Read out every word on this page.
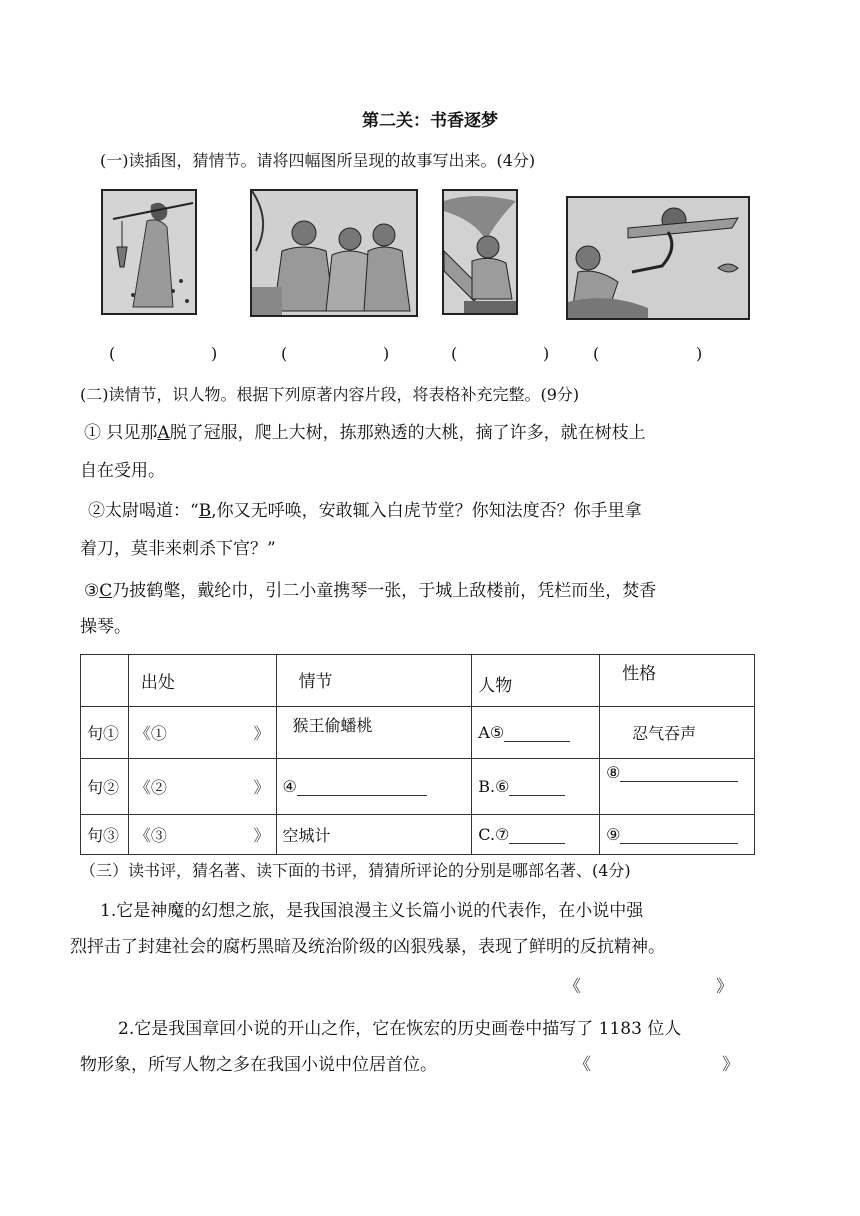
第二关：书香逐梦
(一)读插图，猜情节。请将四幅图所呈现的故事写出来。(4分)
(	)	(	)	(	)	(	)
(二)读情节，识人物。根据下列原著内容片段，将表格补充完整。(9分)
① 只见那A脱了冠服，爬上大树，拣那熟透的大桃，摘了许多，就在树枝上
自在受用。
②太尉喝道：“B,你又无呼唤，安敢辄入白虎节堂？你知法度否？你手里拿
着刀，莫非来刺杀下官？”
③C乃披鹤氅，戴纶巾，引二小童携琴一张，于城上敌楼前，凭栏而坐，焚香
操琴。
	出处	情节	人物	性格
句①	《① 》	猴王偷蟠桃	A⑤	忍气吞声
句②	《② 》	④	B.⑥	⑧
句③	《③ 》	空城计	C.⑦	⑨
（三）读书评，猜名著、读下面的书评，猜猜所评论的分别是哪部名著、(4分)
1.它是神魔的幻想之旅，是我国浪漫主义长篇小说的代表作，在小说中强
烈抨击了封建社会的腐朽黑暗及统治阶级的凶狠残暴，表现了鲜明的反抗精神。
《	》
2.它是我国章回小说的开山之作，它在恢宏的历史画卷中描写了 1183 位人
物形象，所写人物之多在我国小说中位居首位。	《	》
